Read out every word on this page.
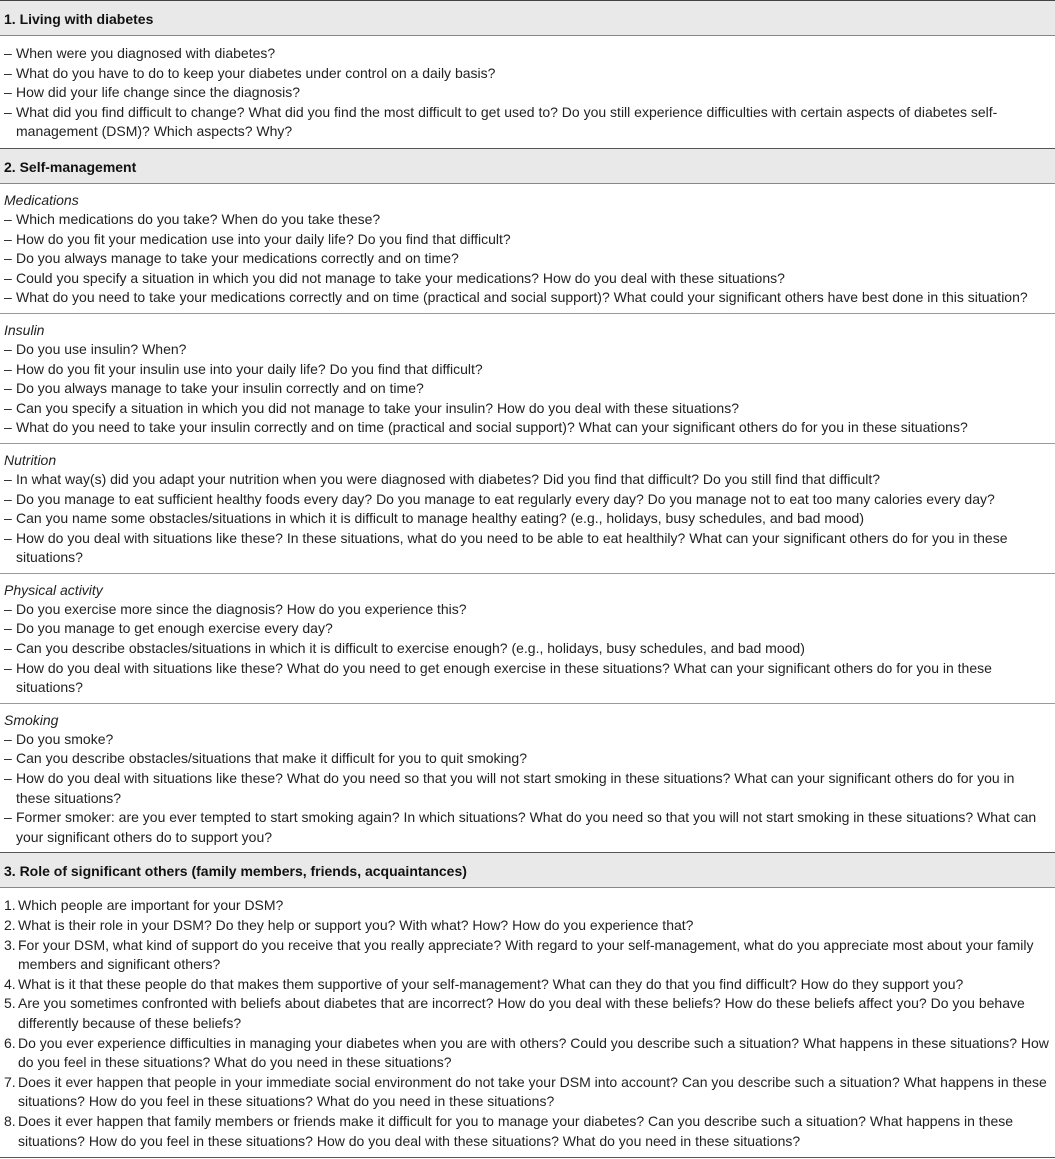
1. Living with diabetes
– When were you diagnosed with diabetes?
– What do you have to do to keep your diabetes under control on a daily basis?
– How did your life change since the diagnosis?
– What did you find difficult to change? What did you find the most difficult to get used to? Do you still experience difficulties with certain aspects of diabetes self-management (DSM)? Which aspects? Why?
2. Self-management
Medications
– Which medications do you take? When do you take these?
– How do you fit your medication use into your daily life? Do you find that difficult?
– Do you always manage to take your medications correctly and on time?
– Could you specify a situation in which you did not manage to take your medications? How do you deal with these situations?
– What do you need to take your medications correctly and on time (practical and social support)? What could your significant others have best done in this situation?
Insulin
– Do you use insulin? When?
– How do you fit your insulin use into your daily life? Do you find that difficult?
– Do you always manage to take your insulin correctly and on time?
– Can you specify a situation in which you did not manage to take your insulin? How do you deal with these situations?
– What do you need to take your insulin correctly and on time (practical and social support)? What can your significant others do for you in these situations?
Nutrition
– In what way(s) did you adapt your nutrition when you were diagnosed with diabetes? Did you find that difficult? Do you still find that difficult?
– Do you manage to eat sufficient healthy foods every day? Do you manage to eat regularly every day? Do you manage not to eat too many calories every day?
– Can you name some obstacles/situations in which it is difficult to manage healthy eating? (e.g., holidays, busy schedules, and bad mood)
– How do you deal with situations like these? In these situations, what do you need to be able to eat healthily? What can your significant others do for you in these situations?
Physical activity
– Do you exercise more since the diagnosis? How do you experience this?
– Do you manage to get enough exercise every day?
– Can you describe obstacles/situations in which it is difficult to exercise enough? (e.g., holidays, busy schedules, and bad mood)
– How do you deal with situations like these? What do you need to get enough exercise in these situations? What can your significant others do for you in these situations?
Smoking
– Do you smoke?
– Can you describe obstacles/situations that make it difficult for you to quit smoking?
– How do you deal with situations like these? What do you need so that you will not start smoking in these situations? What can your significant others do for you in these situations?
– Former smoker: are you ever tempted to start smoking again? In which situations? What do you need so that you will not start smoking in these situations? What can your significant others do to support you?
3. Role of significant others (family members, friends, acquaintances)
1. Which people are important for your DSM?
2. What is their role in your DSM? Do they help or support you? With what? How? How do you experience that?
3. For your DSM, what kind of support do you receive that you really appreciate? With regard to your self-management, what do you appreciate most about your family members and significant others?
4. What is it that these people do that makes them supportive of your self-management? What can they do that you find difficult? How do they support you?
5. Are you sometimes confronted with beliefs about diabetes that are incorrect? How do you deal with these beliefs? How do these beliefs affect you? Do you behave differently because of these beliefs?
6. Do you ever experience difficulties in managing your diabetes when you are with others? Could you describe such a situation? What happens in these situations? How do you feel in these situations? What do you need in these situations?
7. Does it ever happen that people in your immediate social environment do not take your DSM into account? Can you describe such a situation? What happens in these situations? How do you feel in these situations? What do you need in these situations?
8. Does it ever happen that family members or friends make it difficult for you to manage your diabetes? Can you describe such a situation? What happens in these situations? How do you feel in these situations? How do you deal with these situations? What do you need in these situations?
